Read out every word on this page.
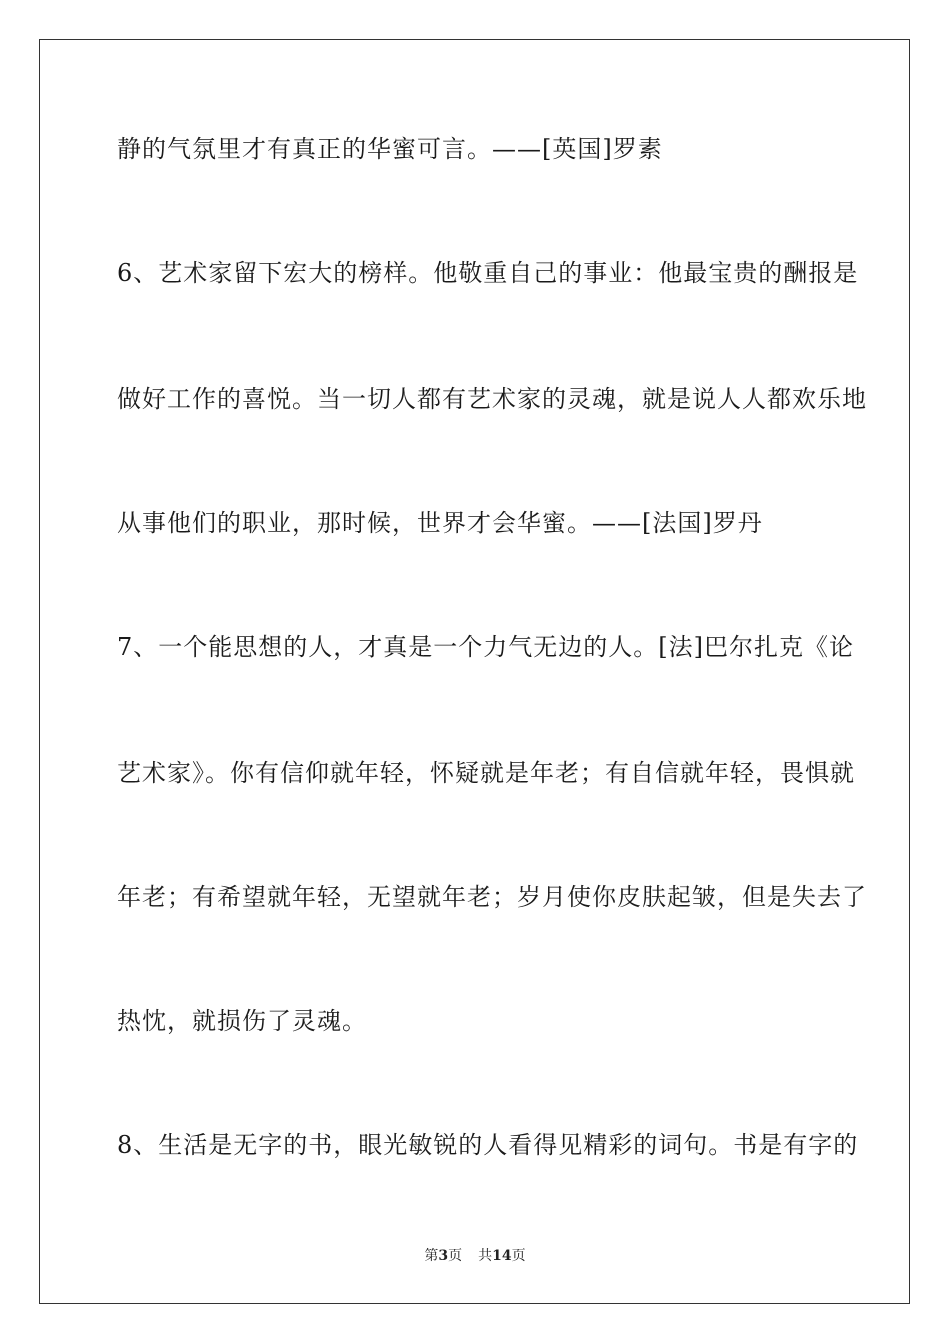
静的气氛里才有真正的华蜜可言。——[英国]罗素
6、艺术家留下宏大的榜样。他敬重自己的事业：他最宝贵的酬报是
做好工作的喜悦。当一切人都有艺术家的灵魂，就是说人人都欢乐地
从事他们的职业，那时候，世界才会华蜜。——[法国]罗丹
7、一个能思想的人，才真是一个力气无边的人。[法]巴尔扎克《论
艺术家》。你有信仰就年轻，怀疑就是年老；有自信就年轻，畏惧就
年老；有希望就年轻，无望就年老；岁月使你皮肤起皱，但是失去了
热忱，就损伤了灵魂。
8、生活是无字的书，眼光敏锐的人看得见精彩的词句。书是有字的
第3页 共14页
